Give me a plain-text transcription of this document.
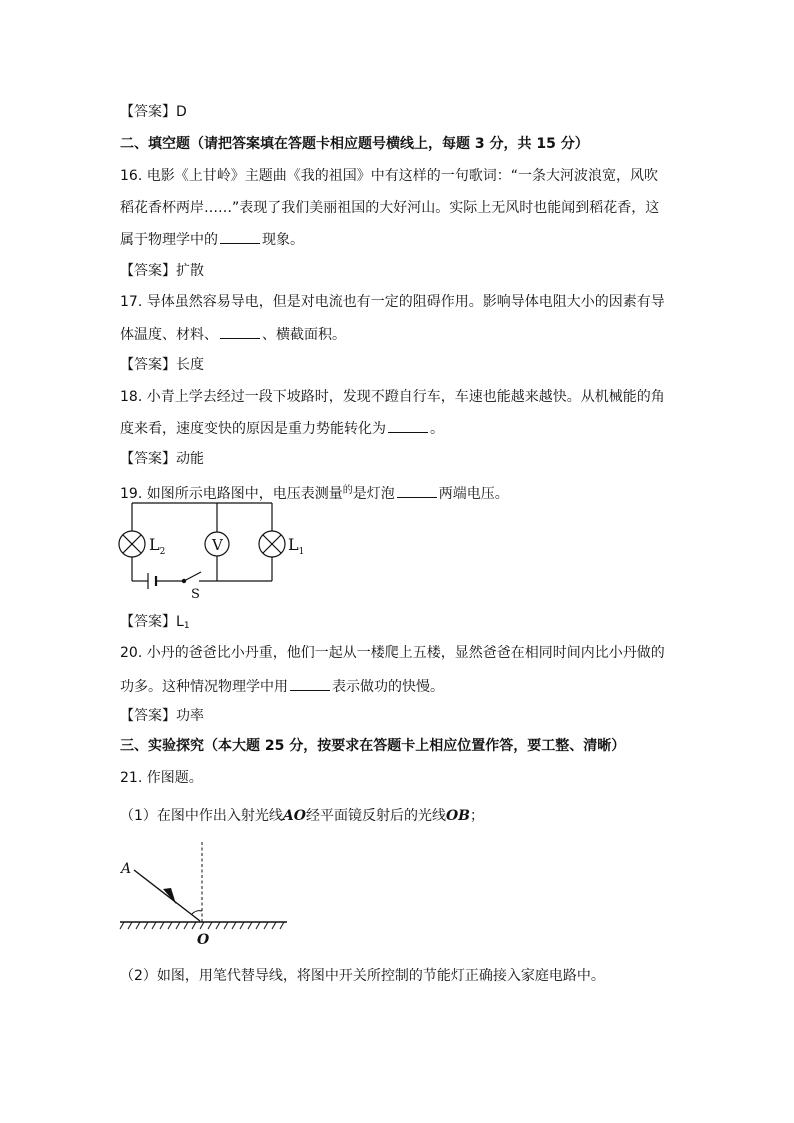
【答案】D
二、填空题（请把答案填在答题卡相应题号横线上，每题 3 分，共 15 分）
16. 电影《上甘岭》主题曲《我的祖国》中有这样的一句歌词：“一条大河波浪宽，风吹
稻花香杯两岸……”表现了我们美丽祖国的大好河山。实际上无风时也能闻到稻花香，这
属于物理学中的	现象。
【答案】扩散
17. 导体虽然容易导电，但是对电流也有一定的阻碍作用。影响导体电阻大小的因素有导
体温度、材料、	、横截面积。
【答案】长度
18. 小青上学去经过一段下坡路时，发现不蹬自行车，车速也能越来越快。从机械能的角
度来看，速度变快的原因是重力势能转化为	。
【答案】动能
19. 如图所示电路图中，电压表测量$^的$是灯泡	两端电压。
$L_2$	V	$L_1$
S
【答案】$L_1$
20. 小丹的爸爸比小丹重，他们一起从一楼爬上五楼，显然爸爸在相同时间内比小丹做的
功多。这种情况物理学中用	表示做功的快慢。
【答案】功率
三、实验探究（本大题 25 分，按要求在答题卡上相应位置作答，要工整、清晰）
21. 作图题。
（1）在图中作出入射光线AO经平面镜反射后的光线OB；
A
O
（2）如图，用笔代替导线，将图中开关所控制的节能灯正确接入家庭电路中。
